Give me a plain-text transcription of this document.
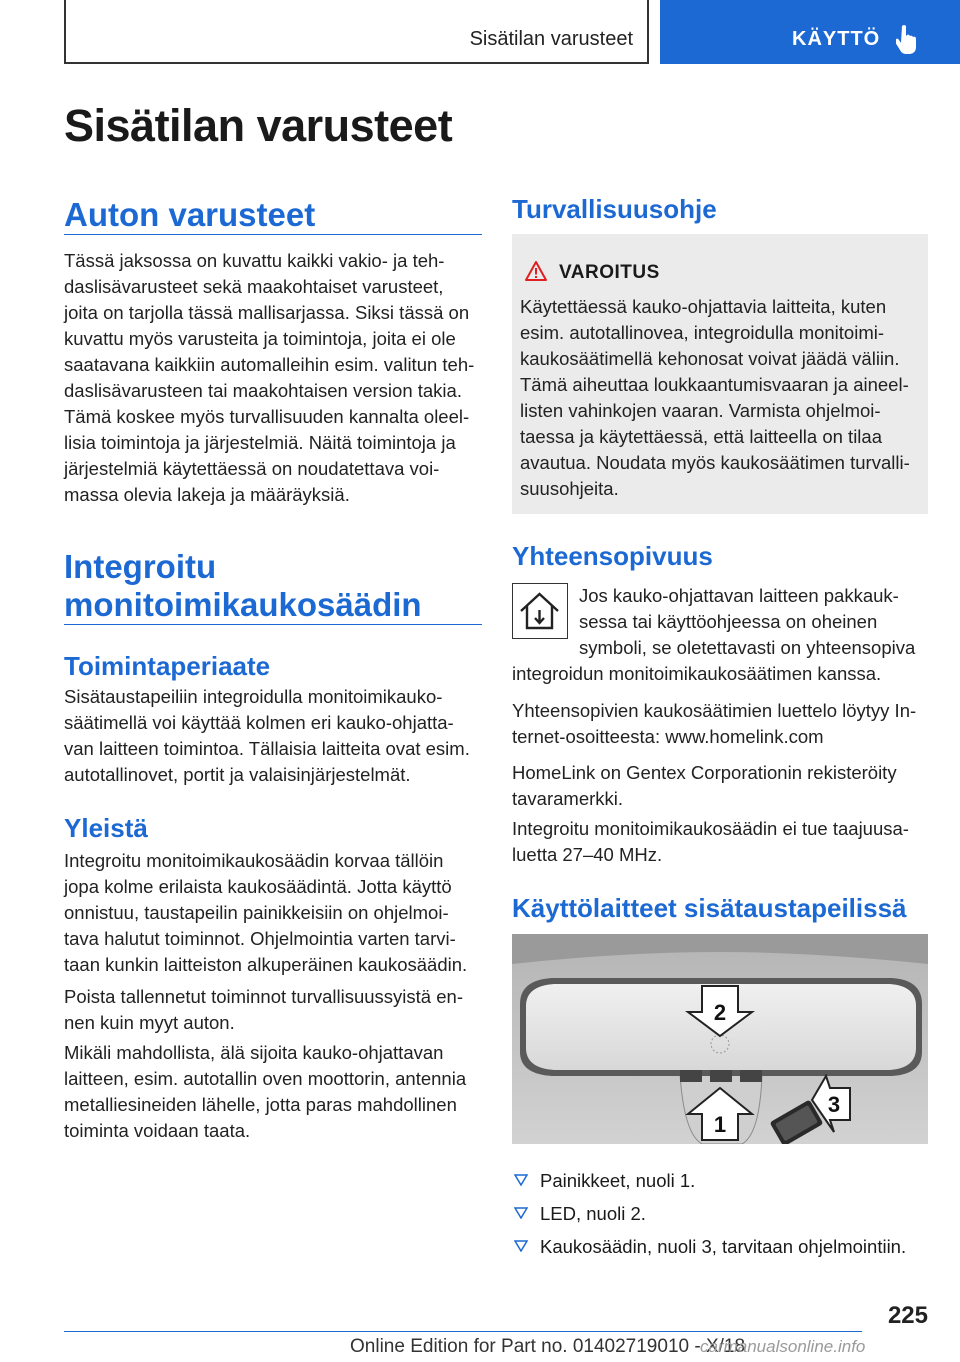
Sisätilan varusteet	KÄYTTÖ
Sisätilan varusteet
Auton varusteet

Tässä jaksossa on kuvattu kaikki vakio- ja teh‐

daslisävarusteet sekä maakohtaiset varusteet,

joita on tarjolla tässä mallisarjassa. Siksi tässä on

kuvattu myös varusteita ja toimintoja, joita ei ole

saatavana kaikkiin automalleihin esim. valitun teh‐

daslisävarusteen tai maakohtaisen version takia.

Tämä koskee myös turvallisuuden kannalta oleel‐

lisia toimintoja ja järjestelmiä. Näitä toimintoja ja

järjestelmiä käytettäessä on noudatettava voi‐

massa olevia lakeja ja määräyksiä.

Integroitu
monitoimikaukosäädin
Toimintaperiaate

Sisätaustapeiliin integroidulla monitoimikauko‐

säätimellä voi käyttää kolmen eri kauko-ohjatta‐

van laitteen toimintoa. Tällaisia laitteita ovat esim.

autotallinovet, portit ja valaisinjärjestelmät.

Yleistä

Integroitu monitoimikaukosäädin korvaa tällöin

jopa kolme erilaista kaukosäädintä. Jotta käyttö

onnistuu, taustapeilin painikkeisiin on ohjelmoi‐

tava halutut toiminnot. Ohjelmointia varten tarvi‐

taan kunkin laitteiston alkuperäinen kaukosäädin.

Poista tallennetut toiminnot turvallisuussyistä en‐

nen kuin myyt auton.

Mikäli mahdollista, älä sijoita kauko-ohjattavan

laitteen, esim. autotallin oven moottorin, antennia

metalliesineiden lähelle, jotta paras mahdollinen

toiminta voidaan taata.

Turvallisuusohje
VAROITUS

Käytettäessä kauko-ohjattavia laitteita, kuten

esim. autotallinovea, integroidulla monitoimi‐

kaukosäätimellä kehonosat voivat jäädä väliin.

Tämä aiheuttaa loukkaantumisvaaran ja aineel‐

listen vahinkojen vaaran. Varmista ohjelmoi‐

taessa ja käytettäessä, että laitteella on tilaa

avautua. Noudata myös kaukosäätimen turvalli‐

suusohjeita.

Yhteensopivuus

Jos kauko-ohjattavan laitteen pakkauk‐

sessa tai käyttöohjeessa on oheinen

symboli, se oletettavasti on yhteensopiva

integroidun monitoimikaukosäätimen kanssa.

Yhteensopivien kaukosäätimien luettelo löytyy In‐

ternet-osoitteesta: www.homelink.com

HomeLink on Gentex Corporationin rekisteröity

tavaramerkki.

Integroitu monitoimikaukosäädin ei tue taajuusa‐

luetta 27–40 MHz.

Käyttölaitteet sisätaustapeilissä
2
1
3
Painikkeet, nuoli 1.
LED, nuoli 2.
Kaukosäädin, nuoli 3, tarvitaan ohjelmointiin.
225
Online Edition for Part no. 01402719010 - X/18
carmanualsonline.info
